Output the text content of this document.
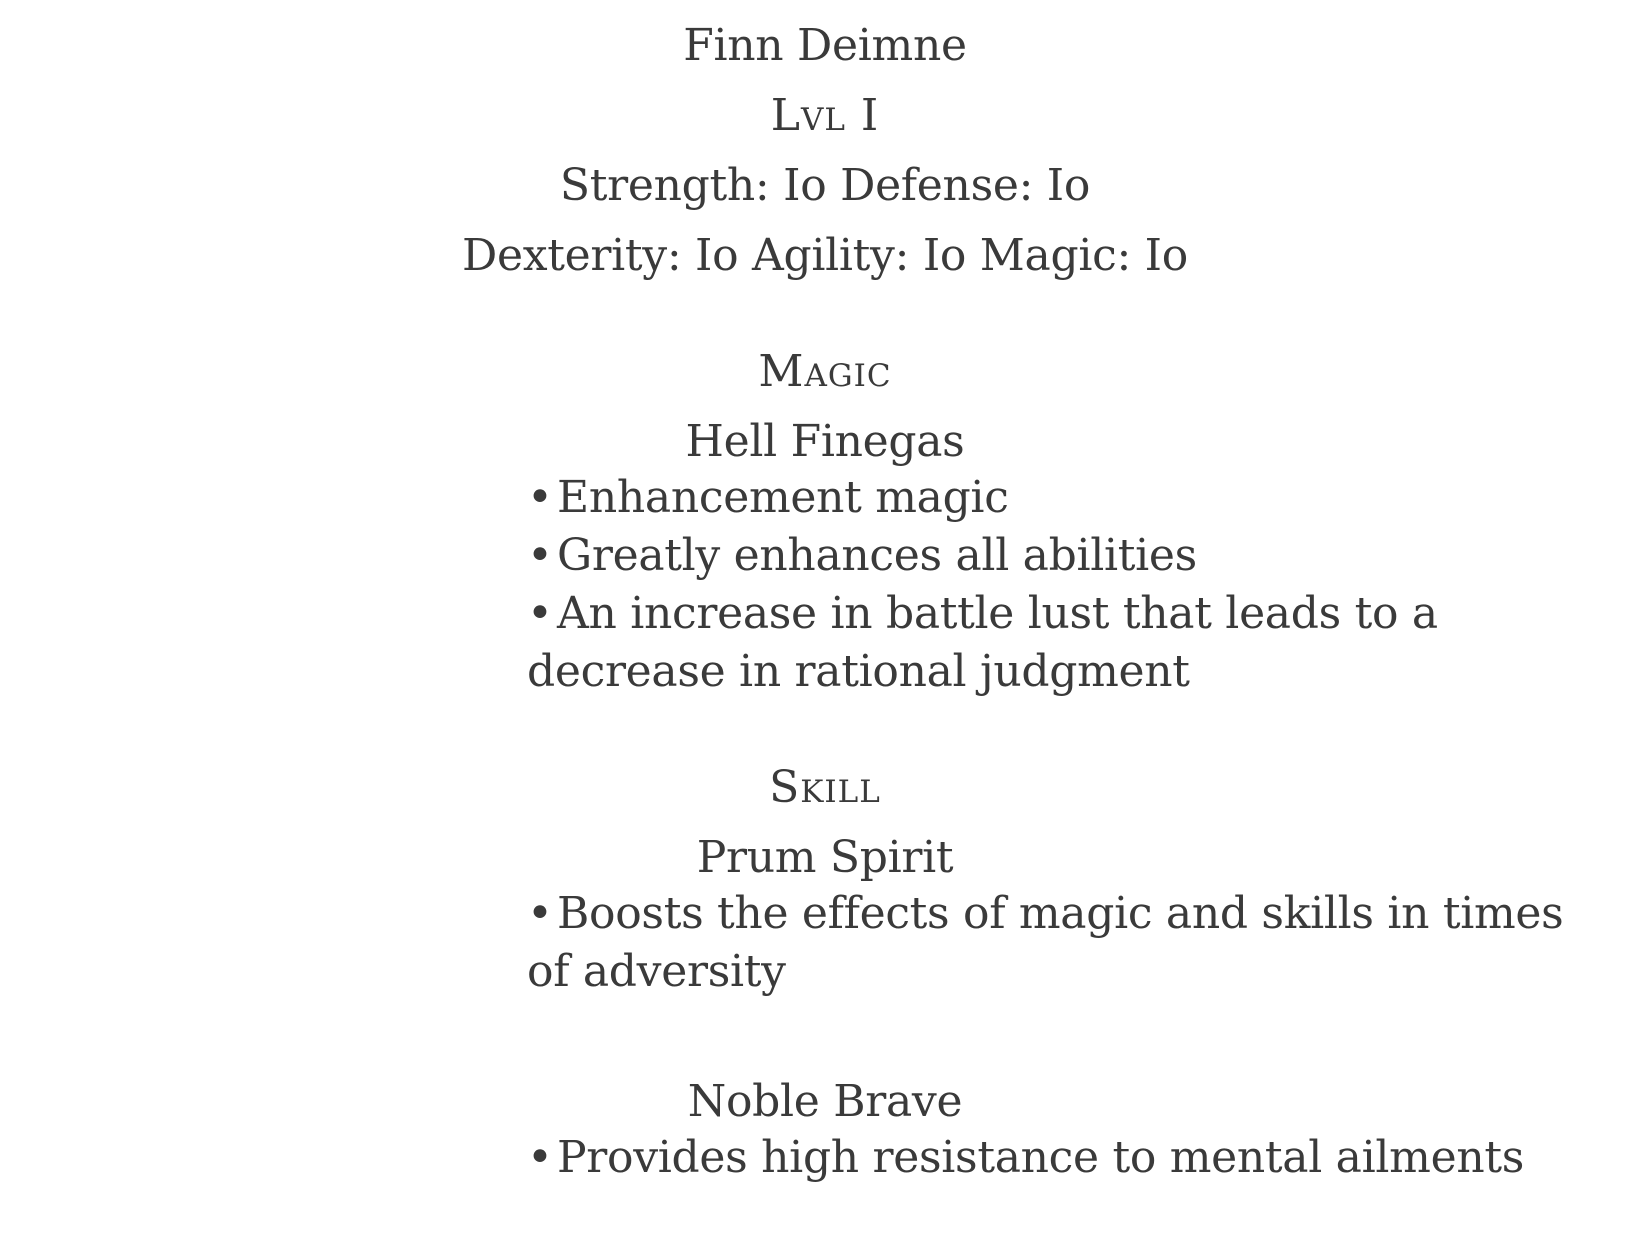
Finn Deimne
Lvl I
Strength: Io Defense: Io
Dexterity: Io Agility: Io Magic: Io
Magic
Hell Finegas
• Enhancement magic
• Greatly enhances all abilities
• An increase in battle lust that leads to a
decrease in rational judgment
Skill
Prum Spirit
• Boosts the effects of magic and skills in times
of adversity
Noble Brave
• Provides high resistance to mental ailments
